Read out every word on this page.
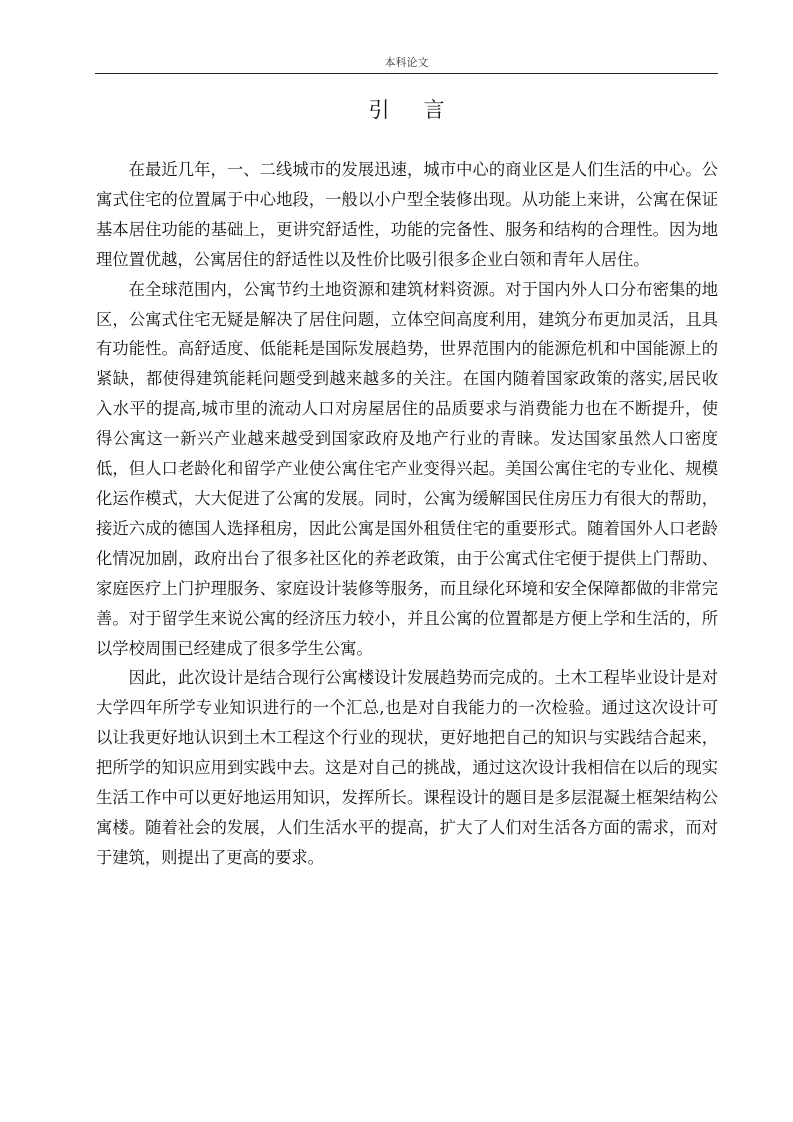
本科论文
引 言

在最近几年，一、二线城市的发展迅速，城市中心的商业区是人们生活的中心。公寓式住宅的位置属于中心地段，一般以小户型全装修出现。从功能上来讲，公寓在保证基本居住功能的基础上，更讲究舒适性，功能的完备性、服务和结构的合理性。因为地理位置优越，公寓居住的舒适性以及性价比吸引很多企业白领和青年人居住。

在全球范围内，公寓节约土地资源和建筑材料资源。对于国内外人口分布密集的地区，公寓式住宅无疑是解决了居住问题，立体空间高度利用，建筑分布更加灵活，且具有功能性。高舒适度、低能耗是国际发展趋势，世界范围内的能源危机和中国能源上的紧缺，都使得建筑能耗问题受到越来越多的关注。在国内随着国家政策的落实,居民收入水平的提高,城市里的流动人口对房屋居住的品质要求与消费能力也在不断提升，使得公寓这一新兴产业越来越受到国家政府及地产行业的青睐。发达国家虽然人口密度低，但人口老龄化和留学产业使公寓住宅产业变得兴起。美国公寓住宅的专业化、规模化运作模式，大大促进了公寓的发展。同时，公寓为缓解国民住房压力有很大的帮助， 接近六成的德国人选择租房，因此公寓是国外租赁住宅的重要形式。随着国外人口老龄化情况加剧，政府出台了很多社区化的养老政策，由于公寓式住宅便于提供上门帮助、家庭医疗上门护理服务、家庭设计装修等服务，而且绿化环境和安全保障都做的非常完善。对于留学生来说公寓的经济压力较小，并且公寓的位置都是方便上学和生活的，所以学校周围已经建成了很多学生公寓。

因此，此次设计是结合现行公寓楼设计发展趋势而完成的。土木工程毕业设计是对大学四年所学专业知识进行的一个汇总,也是对自我能力的一次检验。通过这次设计可以让我更好地认识到土木工程这个行业的现状，更好地把自己的知识与实践结合起来，把所学的知识应用到实践中去。这是对自己的挑战，通过这次设计我相信在以后的现实生活工作中可以更好地运用知识，发挥所长。课程设计的题目是多层混凝土框架结构公寓楼。随着社会的发展，人们生活水平的提高，扩大了人们对生活各方面的需求，而对于建筑，则提出了更高的要求。
